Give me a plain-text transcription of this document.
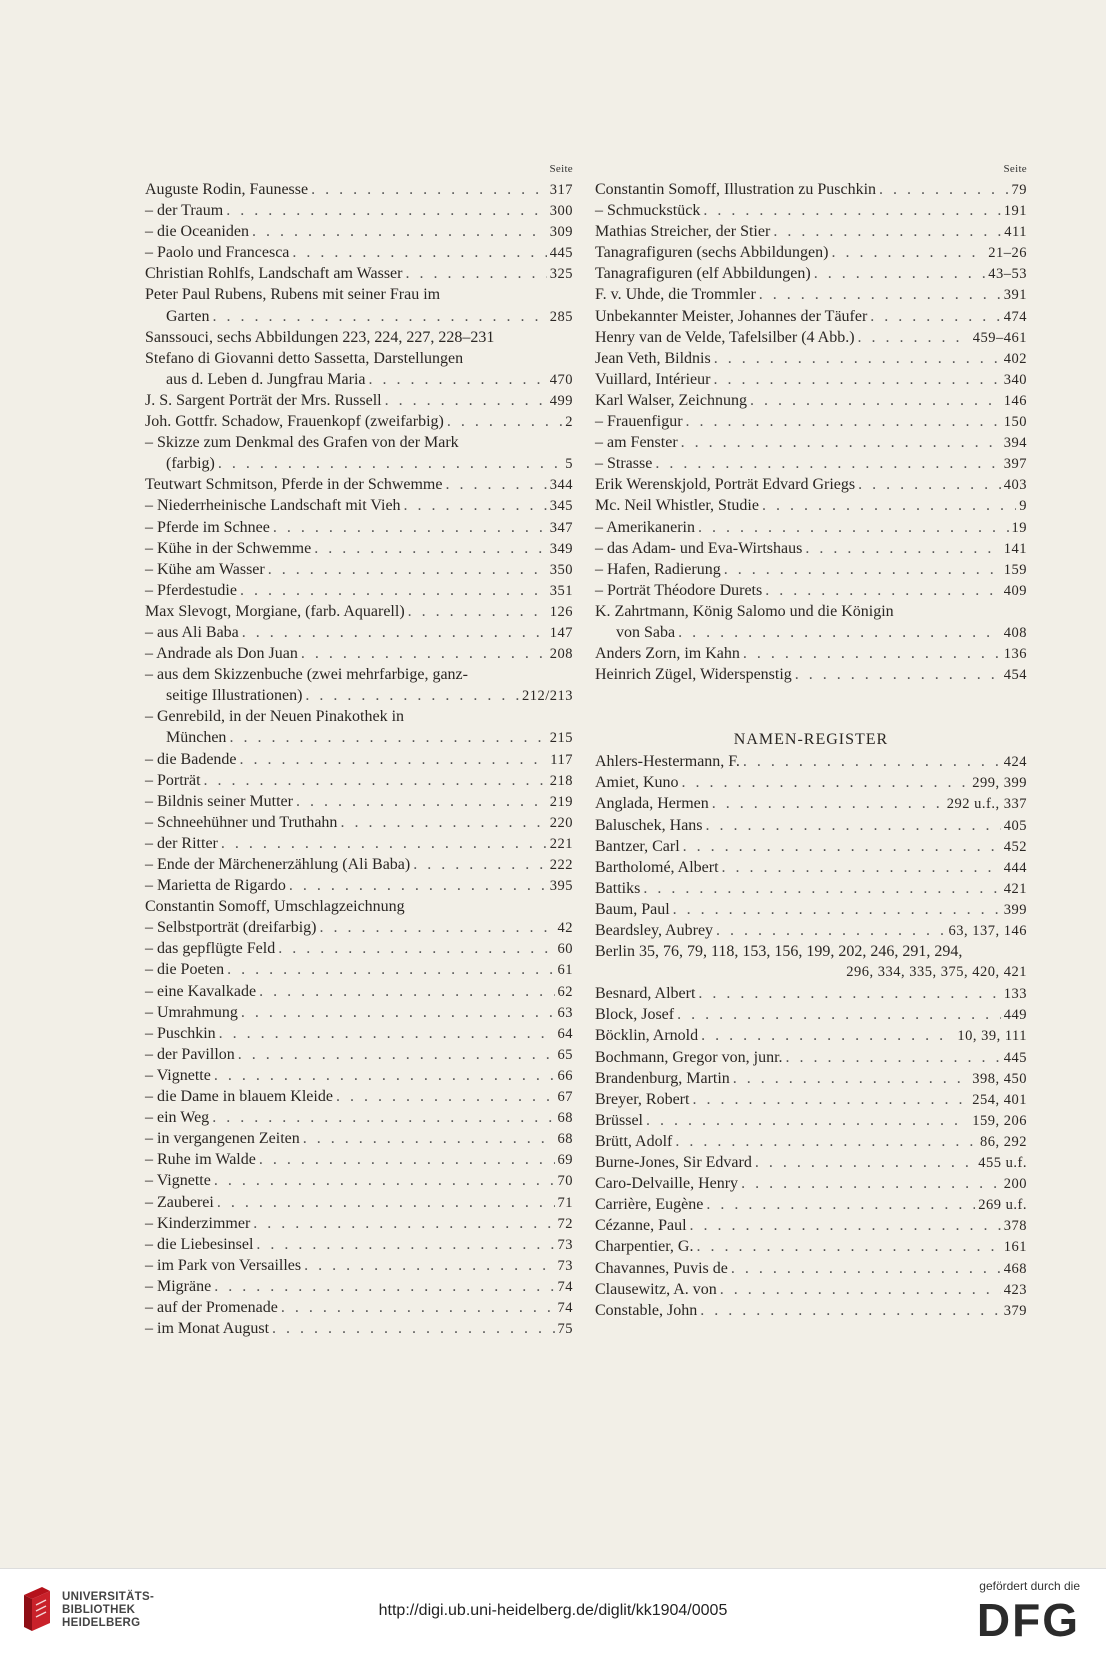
Seite
Auguste Rodin, Faunesse . . .	317
– der Traum . . .	300
– die Oceaniden . . .	309
– Paolo und Francesca . . .	445
Christian Rohlfs, Landschaft am Wasser . . .	325
Peter Paul Rubens, Rubens mit seiner Frau im
Garten . . .	285
Sanssouci, sechs Abbildungen 223, 224, 227, 228–231
Stefano di Giovanni detto Sassetta, Darstellungen
aus d. Leben d. Jungfrau Maria . . .	470
J. S. Sargent Porträt der Mrs. Russell . . .	499
Joh. Gottfr. Schadow, Frauenkopf (zweifarbig) . . .	2
– Skizze zum Denkmal des Grafen von der Mark
(farbig) . . .	5
Teutwart Schmitson, Pferde in der Schwemme . . .	344
– Niederrheinische Landschaft mit Vieh . . .	345
– Pferde im Schnee . . .	347
– Kühe in der Schwemme . . .	349
– Kühe am Wasser . . .	350
– Pferdestudie . . .	351
Max Slevogt, Morgiane, (farb. Aquarell) . . .	126
– aus Ali Baba . . .	147
– Andrade als Don Juan . . .	208
– aus dem Skizzenbuche (zwei mehrfarbige, ganz-
seitige Illustrationen) . . .	212/213
– Genrebild, in der Neuen Pinakothek in
München . . .	215
– die Badende . . .	117
– Porträt . . .	218
– Bildnis seiner Mutter . . .	219
– Schneehühner und Truthahn . . .	220
– der Ritter . . .	221
– Ende der Märchenerzählung (Ali Baba) . . .	222
– Marietta de Rigardo . . .	395
Constantin Somoff, Umschlagzeichnung
– Selbstporträt (dreifarbig) . . .	42
– das gepflügte Feld . . .	60
– die Poeten . . .	61
– eine Kavalkade . . .	62
– Umrahmung . . .	63
– Puschkin . . .	64
– der Pavillon . . .	65
– Vignette . . .	66
– die Dame in blauem Kleide . . .	67
– ein Weg . . .	68
– in vergangenen Zeiten . . .	68
– Ruhe im Walde . . .	69
– Vignette . . .	70
– Zauberei . . .	71
– Kinderzimmer . . .	72
– die Liebesinsel . . .	73
– im Park von Versailles . . .	73
– Migräne . . .	74
– auf der Promenade . . .	74
– im Monat August . . .	75
Seite
Constantin Somoff, Illustration zu Puschkin . . .	79
– Schmuckstück . . .	191
Mathias Streicher, der Stier . . .	411
Tanagrafiguren (sechs Abbildungen) . . .	21–26
Tanagrafiguren (elf Abbildungen) . . .	43–53
F. v. Uhde, die Trommler . . .	391
Unbekannter Meister, Johannes der Täufer . . .	474
Henry van de Velde, Tafelsilber (4 Abb.) . . .	459–461
Jean Veth, Bildnis . . .	402
Vuillard, Intérieur . . .	340
Karl Walser, Zeichnung . . .	146
– Frauenfigur . . .	150
– am Fenster . . .	394
– Strasse . . .	397
Erik Werenskjold, Porträt Edvard Griegs . . .	403
Mc. Neil Whistler, Studie . . .	9
– Amerikanerin . . .	19
– das Adam- und Eva-Wirtshaus . . .	141
– Hafen, Radierung . . .	159
– Porträt Théodore Durets . . .	409
K. Zahrtmann, König Salomo und die Königin
von Saba . . .	408
Anders Zorn, im Kahn . . .	136
Heinrich Zügel, Widerspenstig . . .	454
NAMEN-REGISTER
Ahlers-Hestermann, F. . . .	424
Amiet, Kuno . . .	299, 399
Anglada, Hermen . . .	292 u.f., 337
Baluschek, Hans . . .	405
Bantzer, Carl . . .	452
Bartholomé, Albert . . .	444
Battiks . . .	421
Baum, Paul . . .	399
Beardsley, Aubrey . . .	63, 137, 146
Berlin 35, 76, 79, 118, 153, 156, 199, 202, 246, 291, 294,
296, 334, 335, 375, 420, 421
Besnard, Albert . . .	133
Block, Josef . . .	449
Böcklin, Arnold . . .	10, 39, 111
Bochmann, Gregor von, junr. . . .	445
Brandenburg, Martin . . .	398, 450
Breyer, Robert . . .	254, 401
Brüssel . . .	159, 206
Brütt, Adolf . . .	86, 292
Burne-Jones, Sir Edvard . . .	455 u.f.
Caro-Delvaille, Henry . . .	200
Carrière, Eugène . . .	269 u.f.
Cézanne, Paul . . .	378
Charpentier, G. . . .	161
Chavannes, Puvis de . . .	468
Clausewitz, A. von . . .	423
Constable, John . . .	379
UNIVERSITÄTS-
BIBLIOTHEK
HEIDELBERG
http://digi.ub.uni-heidelberg.de/diglit/kk1904/0005
gefördert durch die
DFG
